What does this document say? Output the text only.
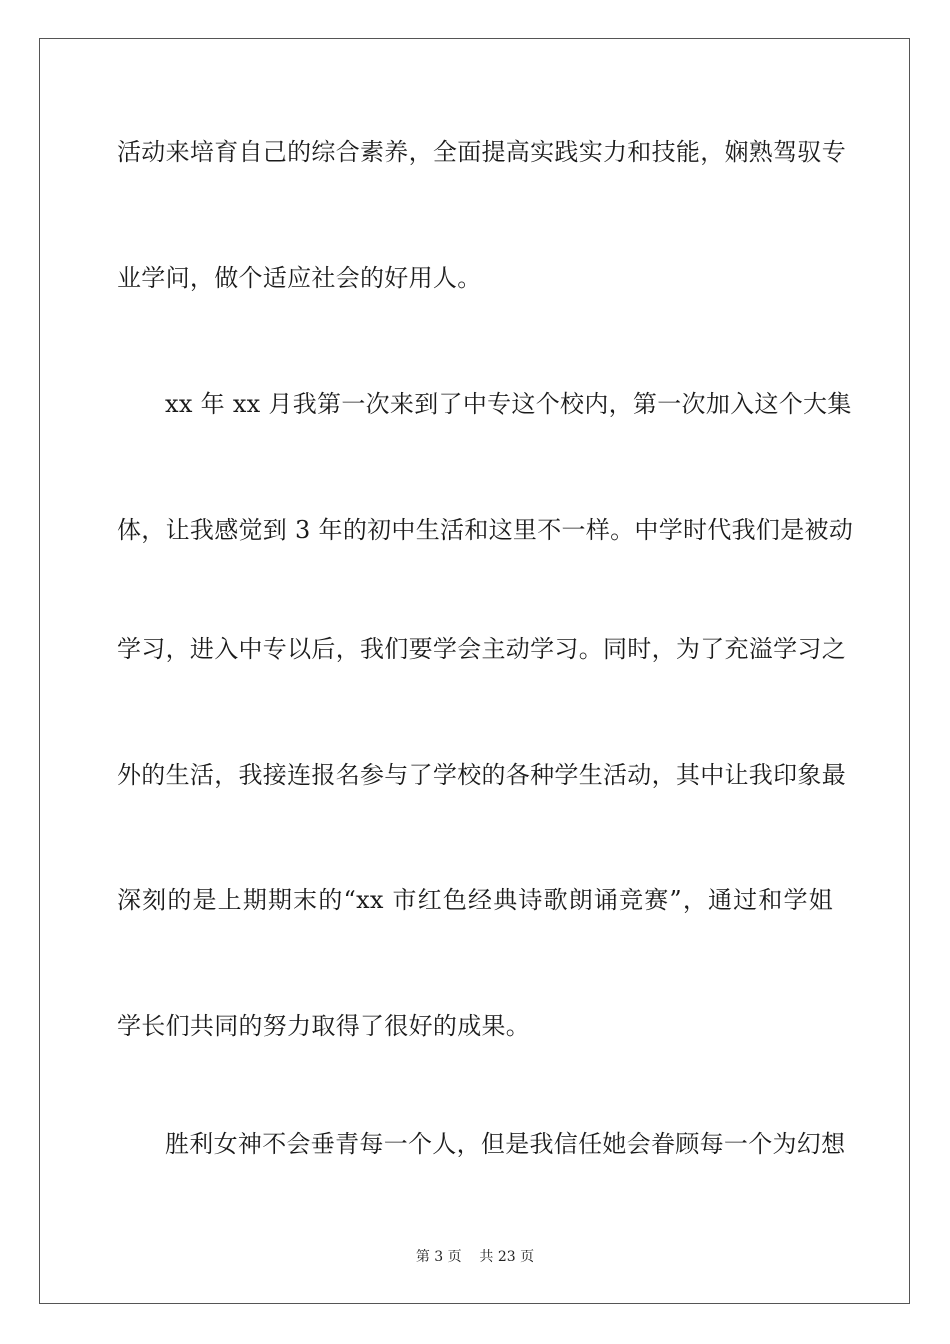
活动来培育自己的综合素养，全面提高实践实力和技能，娴熟驾驭专
业学问，做个适应社会的好用人。
xx 年 xx 月我第一次来到了中专这个校内，第一次加入这个大集
体，让我感觉到 3 年的初中生活和这里不一样。中学时代我们是被动
学习，进入中专以后，我们要学会主动学习。同时，为了充溢学习之
外的生活，我接连报名参与了学校的各种学生活动，其中让我印象最
深刻的是上期期末的“xx 市红色经典诗歌朗诵竞赛”，通过和学姐
学长们共同的努力取得了很好的成果。
胜利女神不会垂青每一个人，但是我信任她会眷顾每一个为幻想
第 3 页    共 23 页
